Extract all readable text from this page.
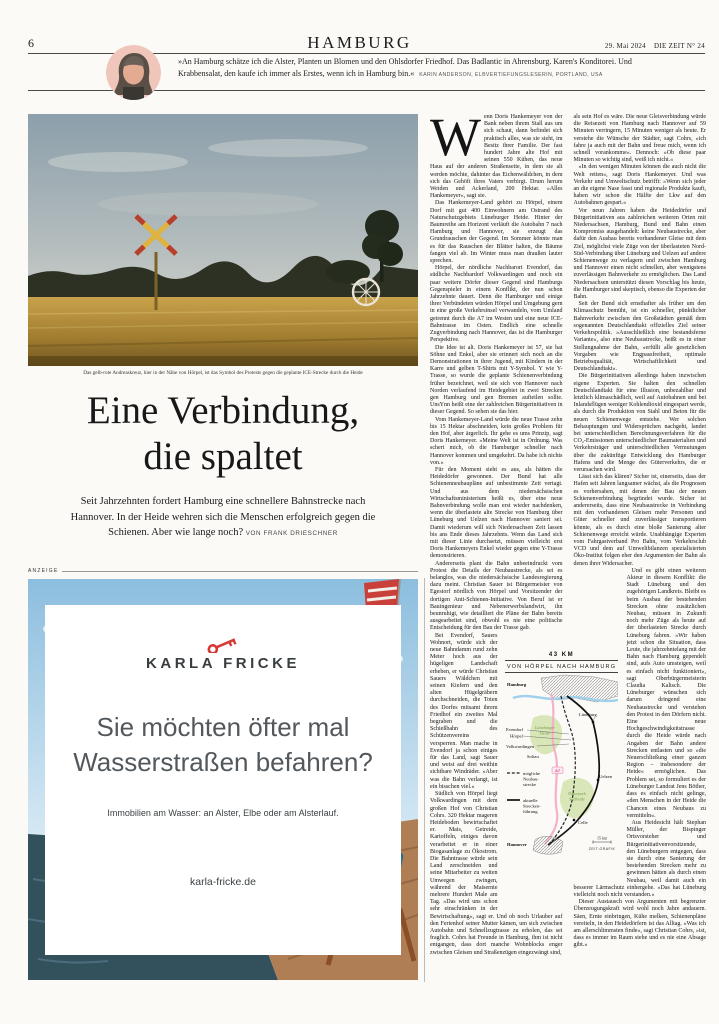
6	HAMBURG	29. Mai 2024 DIE ZEIT N° 24
»An Hamburg schätze ich die Alster, Planten un Blomen und den Ohlsdorfer Friedhof. Das Badlantic in Ahrensburg. Karen's Konditorei. Und Krabbensalat, den kaufe ich immer als Erstes, wenn ich in Hamburg bin.« KARIN ANDERSON, ELBVERTIEFUNGSLESERIN, PORTLAND, USA
Das gelb-rote Andreaskreuz, hier in der Nähe von Hörpel, ist das Symbol des Protests gegen die geplante ICE-Strecke durch die Heide
Eine Verbindung,
die spaltet
Seit Jahrzehnten fordert Hamburg eine schnellere Bahnstrecke nach Hannover. In der Heide wehren sich die Menschen erfolgreich gegen die Schienen. Aber wie lange noch? VON FRANK DRIESCHNER
ANZEIGE
KARLA FRICKE
Sie möchten öfter mal Wasserstraßen befahren?
Immobilien am Wasser: an Alster, Elbe oder am Alsterlauf.
karla-fricke.de
W enn Doris Hankemeyer von der Bank neben ihrem Stall aus um sich schaut, dann befindet sich praktisch alles, was sie sieht, im Besitz ihrer Familie. Der fast hundert Jahre alte Hof mit seinen 550 Kühen, das neue Haus auf der anderen Straßenseite, in dem sie alt werden möchte, dahinter das Eichenwäldchen, in dem sich das Gehöft ihres Vaters verbirgt. Drum herum Weiden und Ackerland, 200 Hektar. »Alles Hankemeyer«, sagt sie.

Das Hankemeyer-Land gehört zu Hörpel, einem Dorf mit gut 400 Einwohnern am Ostrand des Naturschutzgebiets Lüneburger Heide. Hinter der Baumreihe am Horizont verläuft die Autobahn 7 nach Hamburg und Hannover, sie erzeugt das Grundrauschen der Gegend. Im Sommer könnte man es für das Rauschen der Blätter halten, die Bäume fangen viel ab. Im Winter muss man draußen lauter sprechen.

Hörpel, der nördliche Nachbarort Evendorf, das südliche Nachbardorf Volkwardingen und noch ein paar weitere Dörfer dieser Gegend sind Hamburgs Gegenspieler in einem Konflikt, der nun schon Jahrzehnte dauert. Denn die Hamburger und einige ihrer Verbündeten würden Hörpel und Umgebung gern in eine große Verkehrsinsel verwandeln, vom Umland getrennt durch die A7 im Westen und eine neue ICE-Bahntrasse im Osten. Endlich eine schnelle Zugverbindung nach Hannover, das ist die Hamburger Perspektive.

Die Idee ist alt. Doris Hankemeyer ist 57, sie hat Söhne und Enkel, aber sie erinnert sich noch an die Demonstrationen in ihrer Jugend, mit Kindern in der Karre und gelben T-Shirts mit Y-Symbol. Y wie Y-Trasse, so wurde die geplante Schienenverbindung früher bezeichnet, weil sie sich von Hannover nach Norden verlaufend im Heidegebiet in zwei Strecken gen Hamburg und gen Bremen aufteilen sollte. UnsYnn heißt eine der zahlreichen Bürgerinitiativen in dieser Gegend. So sehen sie das hier.

Vom Hankemeyer-Land würde die neue Trasse zehn bis 15 Hektar abschneiden, kein großes Problem für den Hof, aber ärgerlich. Ihr gehe es ums Prinzip, sagt Doris Hankemeyer. »Meine Welt ist in Ordnung. Was schert mich, ob die Hamburger schneller nach Hannover kommen und umgekehrt. Da habe ich nichts von.«

Für den Moment sieht es aus, als hätten die Heidedörfer gewonnen. Der Bund hat alle Schienenneubaupläne auf unbestimmte Zeit vertagt. Und aus dem niedersächsischen Wirtschaftsministerium heißt es, über eine neue Bahnverbindung wolle man erst wieder nachdenken, wenn die überlastete alte Strecke von Hamburg über Lüneburg und Uelzen nach Hannover saniert sei. Damit wiederum will sich Niedersachsen Zeit lassen bis ans Ende dieses Jahrzehnts. Wenn das Land sich mit dieser Linie durchsetzt, müssen vielleicht erst Doris Hankemeyers Enkel wieder gegen eine Y-Trasse demonstrieren.

Andererseits plant die Bahn unbeeindruckt vom Protest die Details der Neubaustrecke, als sei es belanglos, was die niedersächsische Landesregierung dazu meint. Christian Sauer ist Bürgermeister von Egestorf nördlich von Hörpel und Vorsitzender der dortigen Anti-Schienen-Initiative. Von Beruf ist er Bauingenieur und Nebenerwerbslandwirt, ihn beunruhigt, wie detailliert die Pläne der Bahn bereits ausgearbeitet sind, obwohl es nie eine politische Entscheidung für den Bau der Trasse gab.

Bei Evendorf, Sauers Wohnort, würde sich der neue Bahndamm rund zehn Meter hoch aus der hügeligen Landschaft erheben, er würde Christian Sauers Wäldchen mit seinen Kiefern und den alten Hügelgräbern durchschneiden, die Toten des Dorfes mitsamt ihrem Friedhof ein zweites Mal begraben und die Schießbahn des Schützenvereins versperren. Man mache in Evendorf ja schon einiges für das Land, sagt Sauer und weist auf drei weithin sichtbare Windräder. »Aber was die Bahn verlangt, ist ein bisschen viel.«

Südlich von Hörpel liegt Volkwardingen mit dem großen Hof von Christian Cohrs. 320 Hektar mageren Heideboden bewirtschaftet er. Mais, Getreide, Kartoffeln, einiges davon verarbeitet er in einer Biogasanlage zu Ökostrom. Die Bahntrasse würde sein Land zerschneiden und seine Mitarbeiter zu weiten Umwegen zwingen, während der Maisernte mehrere Hundert Male am Tag. »Das wird uns schon sehr einschränken in der Bewirtschaftung«, sagt er. Und ob noch Urlauber auf den Ferienhof seiner Mutter kämen, um sich zwischen Autobahn und Schnellzugtrasse zu erholen, das sei fraglich. Cohrs hat Freunde in Hamburg, ihm ist nicht entgangen, dass dort manche Wohnblocks enger zwischen Gleisen und Straßenzügen eingezwängt sind,

als sein Hof es wäre. Die neue Gleisverbindung würde die Reisezeit von Hamburg nach Hannover auf 59 Minuten verringern, 15 Minuten weniger als heute. Er verstehe die Wünsche der Städter, sagt Cohrs, »ich fahre ja auch mit der Bahn und freue mich, wenn ich schnell vorankomme«. Dennoch: »Ob diese paar Minuten so wichtig sind, weiß ich nicht.«

»In den wenigen Minuten können die auch nicht die Welt retten«, sagt Doris Hankemeyer. Und was Verkehr und Umweltschutz betrifft: »Wenn sich jeder an die eigene Nase fasst und regionale Produkte kauft, haben wir schon die Hälfte der Lkw auf den Autobahnen gespart.«

Vor neun Jahren haben die Heidedörfer und Bürgerinitiativen aus zahlreichen weiteren Orten mit Niedersachsen, Hamburg, Bund und Bahn einen Kompromiss ausgehandelt: keine Neubaustrecke, aber dafür den Ausbau bereits vorhandener Gleise mit dem Ziel, möglichst viele Züge von der überlasteten Nord-Süd-Verbindung über Lüneburg und Uelzen auf andere Schienenwege zu verlagern und zwischen Hamburg und Hannover einen nicht schnellen, aber wenigstens zuverlässigen Bahnverkehr zu ermöglichen. Das Land Niedersachsen unterstützt diesen Vorschlag bis heute, die Hamburger sind skeptisch, ebenso die Experten der Bahn.

Seit der Bund sich ernsthafter als früher um den Klimaschutz bemüht, ist ein schneller, pünktlicher Bahnverkehr zwischen den Großstädten gemäß dem sogenannten Deutschlandtakt offizielles Ziel seiner Verkehrspolitik. »Ausschließlich eine bestandsferne Variante«, also eine Neubaustrecke, heißt es in einer Stellungnahme der Bahn, »erfüllt alle gesetzlichen Vorgaben wie Engpassfreiheit, optimale Betriebsqualität, Wirtschaftlichkeit und Deutschlandtakt«.

Die Bürgerinitiativen allerdings haben inzwischen eigene Experten. Sie halten den schnellen Deutschlandtakt für eine Illusion, unbezahlbar und letztlich klimaschädlich, weil auf Autobahnen und bei Inlandsflügen weniger Kohlendioxid eingespart werde, als durch die Produktion von Stahl und Beton für die neuen Schienenwege entstehe. Wer solchen Behauptungen und Widersprüchen nachgeht, landet bei unterschiedlichen Berechnungsverfahren für die CO₂-Emissionen unterschiedlicher Baumaterialien und Verkehrsträger und unterschiedlichen Vermutungen über die zukünftige Entwicklung des Hamburger Hafens und die Menge des Güterverkehrs, die er verursachen wird.

Lässt sich das klären? Sicher ist, einerseits, dass der Hafen seit Jahren langsamer wächst, als die Prognosen es vorhersahen, mit denen der Bau der neuen Schienenverbindung begründet wurde. Sicher ist andererseits, dass eine Neubaustrecke in Verbindung mit den vorhandenen Gleisen mehr Personen und Güter schneller und zuverlässiger transportieren könnte, als es durch eine bloße Sanierung alter Schienenwege erreicht würde. Unabhängige Experten vom Fahrgastverband Pro Bahn, vom Verkehrsclub VCD und dem auf Umweltbilanzen spezialisierten Öko-Institut folgen eher den Argumenten der Bahn als denen ihrer Widersacher.

Und es gibt einen weiteren Akteur in diesem Konflikt: die Stadt Lüneburg und den zugehörigen Landkreis. Bleibt es beim Ausbau der bestehenden Strecken ohne zusätzlichen Neubau, müssen in Zukunft noch mehr Züge als heute auf der überlasteten Strecke durch Lüneburg fahren. »Wir haben jetzt schon die Situation, dass Leute, die jahrzehntelang mit der Bahn nach Hamburg gependelt sind, aufs Auto umsteigen, weil es einfach nicht funktioniert«, sagt Oberbürgermeisterin Claudia Kalisch. Die Lüneburger wünschen sich darum dringend eine Neubaustrecke und verstehen den Protest in den Dörfern nicht. Eine neue Hochgeschwindigkeitstrasse durch die Heide würde nach Angaben der Bahn andere Strecken entlasten und so »die Neuerschließung einer ganzen Region – insbesondere der Heide« ermöglichen. Das Problem sei, so formuliert es der Lüneburger Landrat Jens Böther, dass es einfach nicht gelinge, »den Menschen in der Heide die Chancen eines Neubaus zu vermitteln«.

Aus Heidesicht hält Stephan Müller, der Bispinger Ortsvorsteher und Bürgerinitiativenvorsitzende, den Lüneburgern entgegen, dass sie durch eine Sanierung der bestehenden Strecken mehr zu gewinnen hätten als durch einen Neubau, weil damit auch ein besserer Lärmschutz einhergehe. »Das hat Lüneburg vielleicht noch nicht verstanden.«

Dieser Austausch von Argumenten mit begrenzter Überzeugungskraft wird wohl noch Jahre andauern. Säen, Ernte einbringen, Kühe melken, Schienenpläne vereiteln, in den Heidedörfern ist das Alltag. »Was ich am allerschlimmsten finde«, sagt Christian Cohrs, »ist, dass es immer im Raum stehe und es nie eine Absage gibt.«

43 KM
VON HÖRPEL NACH HAMBURG
Hamburg
Lüneburg
Evendorf
Hörpel
Volkwardingen
Soltau
Uelzen
Celle
Hannover
A7
Lüneburger
Heide
Naturpark
Südheide
mögliche
Neubau-
strecke
aktuelle
Strecken-
führung
15 km
ZEIT-GRAFIK
